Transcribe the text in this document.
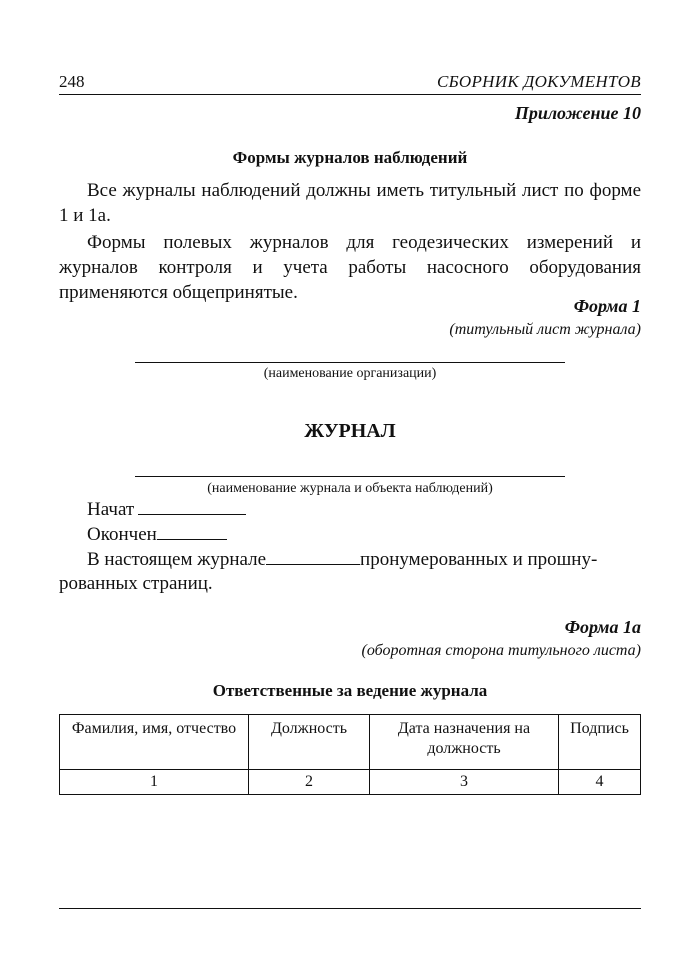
248	СБОРНИК ДОКУМЕНТОВ
Приложение 10
Формы журналов наблюдений

Все журналы наблюдений должны иметь титульный лист по форме 1 и 1а.

Формы полевых журналов для геодезических измерений и журналов контроля и учета работы насосного оборудования применяются общепринятые.

Форма 1
(титульный лист журнала)
(наименование организации)
ЖУРНАЛ
(наименование журнала и объекта наблюдений)
Начат
Окончен
В настоящем журнале	пронумерованных и прошну-
рованных страниц.
Форма 1а
(оборотная сторона титульного листа)
Ответственные за ведение журнала
Фамилия, имя, отчество	Должность	Дата назначения на должность	Подпись
1	2	3	4
